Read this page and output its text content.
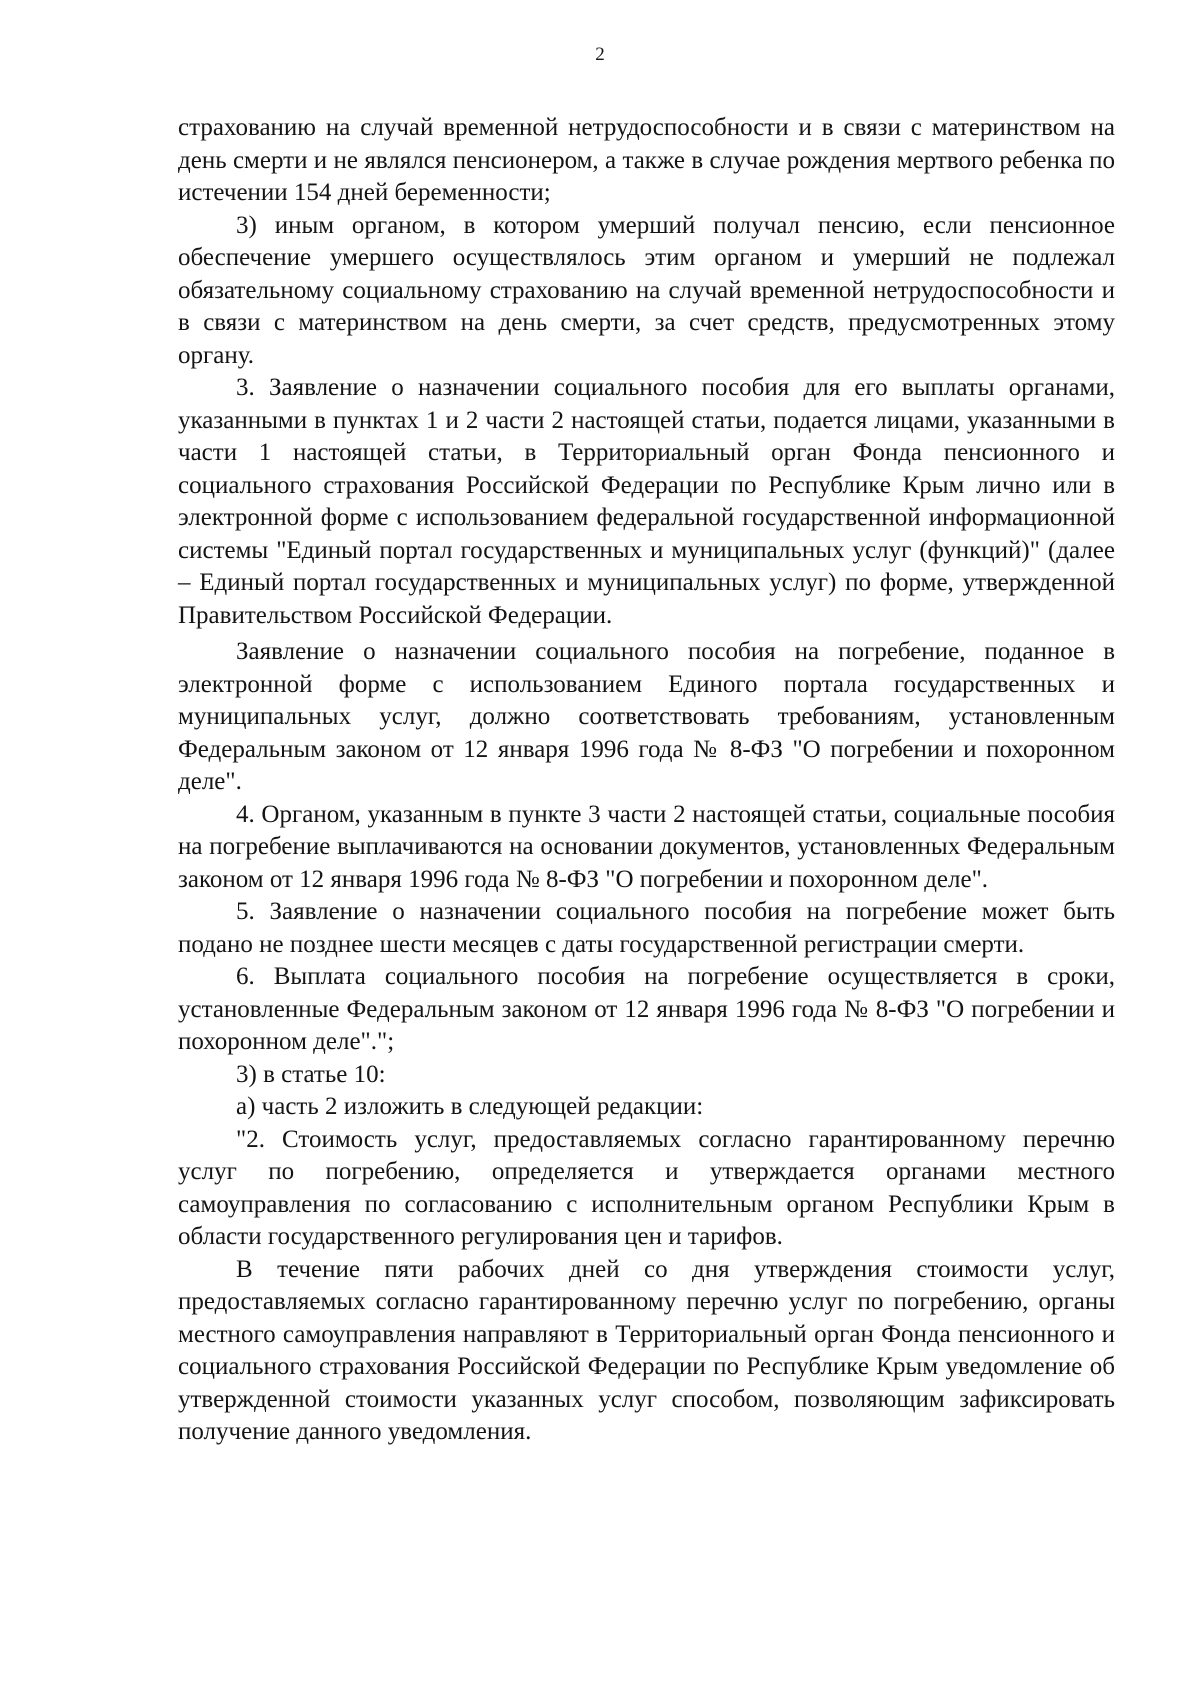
2

страхованию на случай временной нетрудоспособности и в связи с материнством на день смерти и не являлся пенсионером, а также в случае рождения мертвого ребенка по истечении 154 дней беременности;

3) иным органом, в котором умерший получал пенсию, если пенсионное обеспечение умершего осуществлялось этим органом и умерший не подлежал обязательному социальному страхованию на случай временной нетрудоспособности и в связи с материнством на день смерти, за счет средств, предусмотренных этому органу.

3. Заявление о назначении социального пособия для его выплаты органами, указанными в пунктах 1 и 2 части 2 настоящей статьи, подается лицами, указанными в части 1 настоящей статьи, в Территориальный орган Фонда пенсионного и социального страхования Российской Федерации по Республике Крым лично или в электронной форме с использованием федеральной государственной информационной системы "Единый портал государственных и муниципальных услуг (функций)" (далее – Единый портал государственных и муниципальных услуг) по форме, утвержденной Правительством Российской Федерации.

Заявление о назначении социального пособия на погребение, поданное в электронной форме с использованием Единого портала государственных и муниципальных услуг, должно соответствовать требованиям, установленным Федеральным законом от 12 января 1996 года № 8-ФЗ "О погребении и похоронном деле".

4. Органом, указанным в пункте 3 части 2 настоящей статьи, социальные пособия на погребение выплачиваются на основании документов, установленных Федеральным законом от 12 января 1996 года № 8-ФЗ "О погребении и похоронном деле".

5. Заявление о назначении социального пособия на погребение может быть подано не позднее шести месяцев с даты государственной регистрации смерти.

6. Выплата социального пособия на погребение осуществляется в сроки, установленные Федеральным законом от 12 января 1996 года № 8-ФЗ "О погребении и похоронном деле".";

3) в статье 10:

а) часть 2 изложить в следующей редакции:

"2. Стоимость услуг, предоставляемых согласно гарантированному перечню услуг по погребению, определяется и утверждается органами местного самоуправления по согласованию с исполнительным органом Республики Крым в области государственного регулирования цен и тарифов.

В течение пяти рабочих дней со дня утверждения стоимости услуг, предоставляемых согласно гарантированному перечню услуг по погребению, органы местного самоуправления направляют в Территориальный орган Фонда пенсионного и социального страхования Российской Федерации по Республике Крым уведомление об утвержденной стоимости указанных услуг способом, позволяющим зафиксировать получение данного уведомления.
